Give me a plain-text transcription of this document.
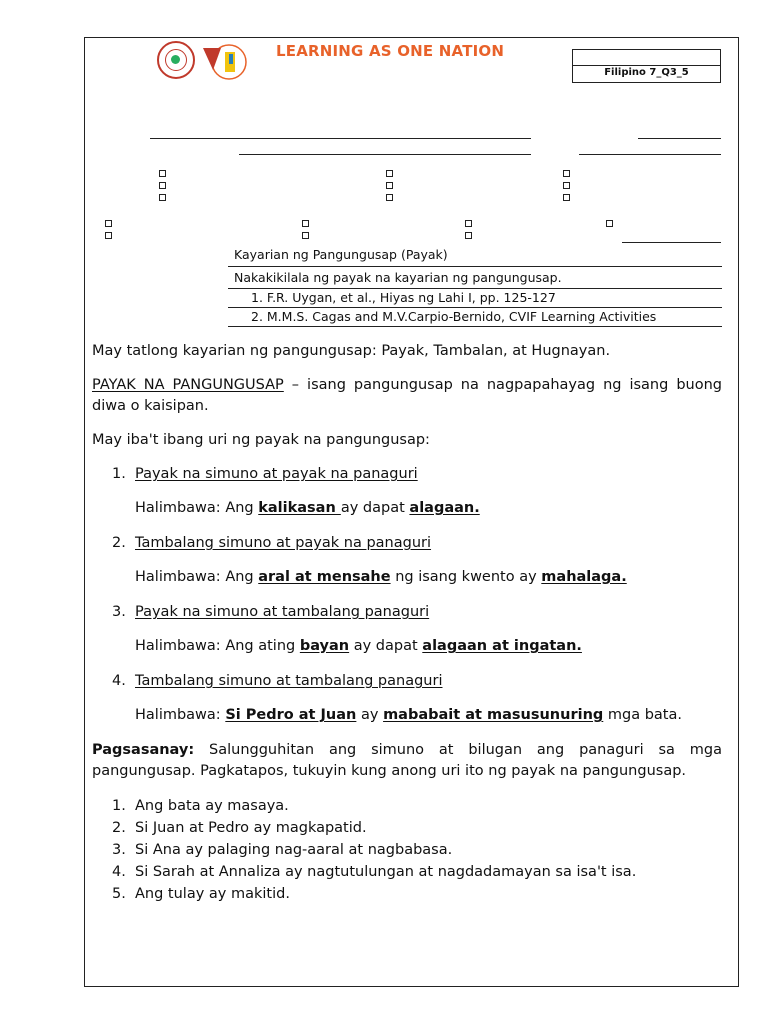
LEARNING AS ONE NATION
Filipino 7_Q3_5
Kayarian ng Pangungusap (Payak)
Nakakikilala ng payak na kayarian ng pangungusap.
1. F.R. Uygan, et al., Hiyas ng Lahi I, pp. 125-127
2. M.M.S. Cagas and M.V.Carpio-Bernido, CVIF Learning Activities
May tatlong kayarian ng pangungusap: Payak, Tambalan, at Hugnayan.
PAYAK NA PANGUNGUSAP – isang pangungusap na nagpapahayag ng isang buong diwa o kaisipan.
May iba't ibang uri ng payak na pangungusap:
1. Payak na simuno at payak na panaguri
Halimbawa: Ang kalikasan ay dapat alagaan.
2. Tambalang simuno at payak na panaguri
Halimbawa: Ang aral at mensahe ng isang kwento ay mahalaga.
3. Payak na simuno at tambalang panaguri
Halimbawa: Ang ating bayan ay dapat alagaan at ingatan.
4. Tambalang simuno at tambalang panaguri
Halimbawa: Si Pedro at Juan ay mababait at masusunuring mga bata.
Pagsasanay: Salungguhitan ang simuno at bilugan ang panaguri sa mga pangungusap. Pagkatapos, tukuyin kung anong uri ito ng payak na pangungusap.
1. Ang bata ay masaya.
2. Si Juan at Pedro ay magkapatid.
3. Si Ana ay palaging nag-aaral at nagbabasa.
4. Si Sarah at Annaliza ay nagtutulungan at nagdadamayan sa isa't isa.
5. Ang tulay ay makitid.
